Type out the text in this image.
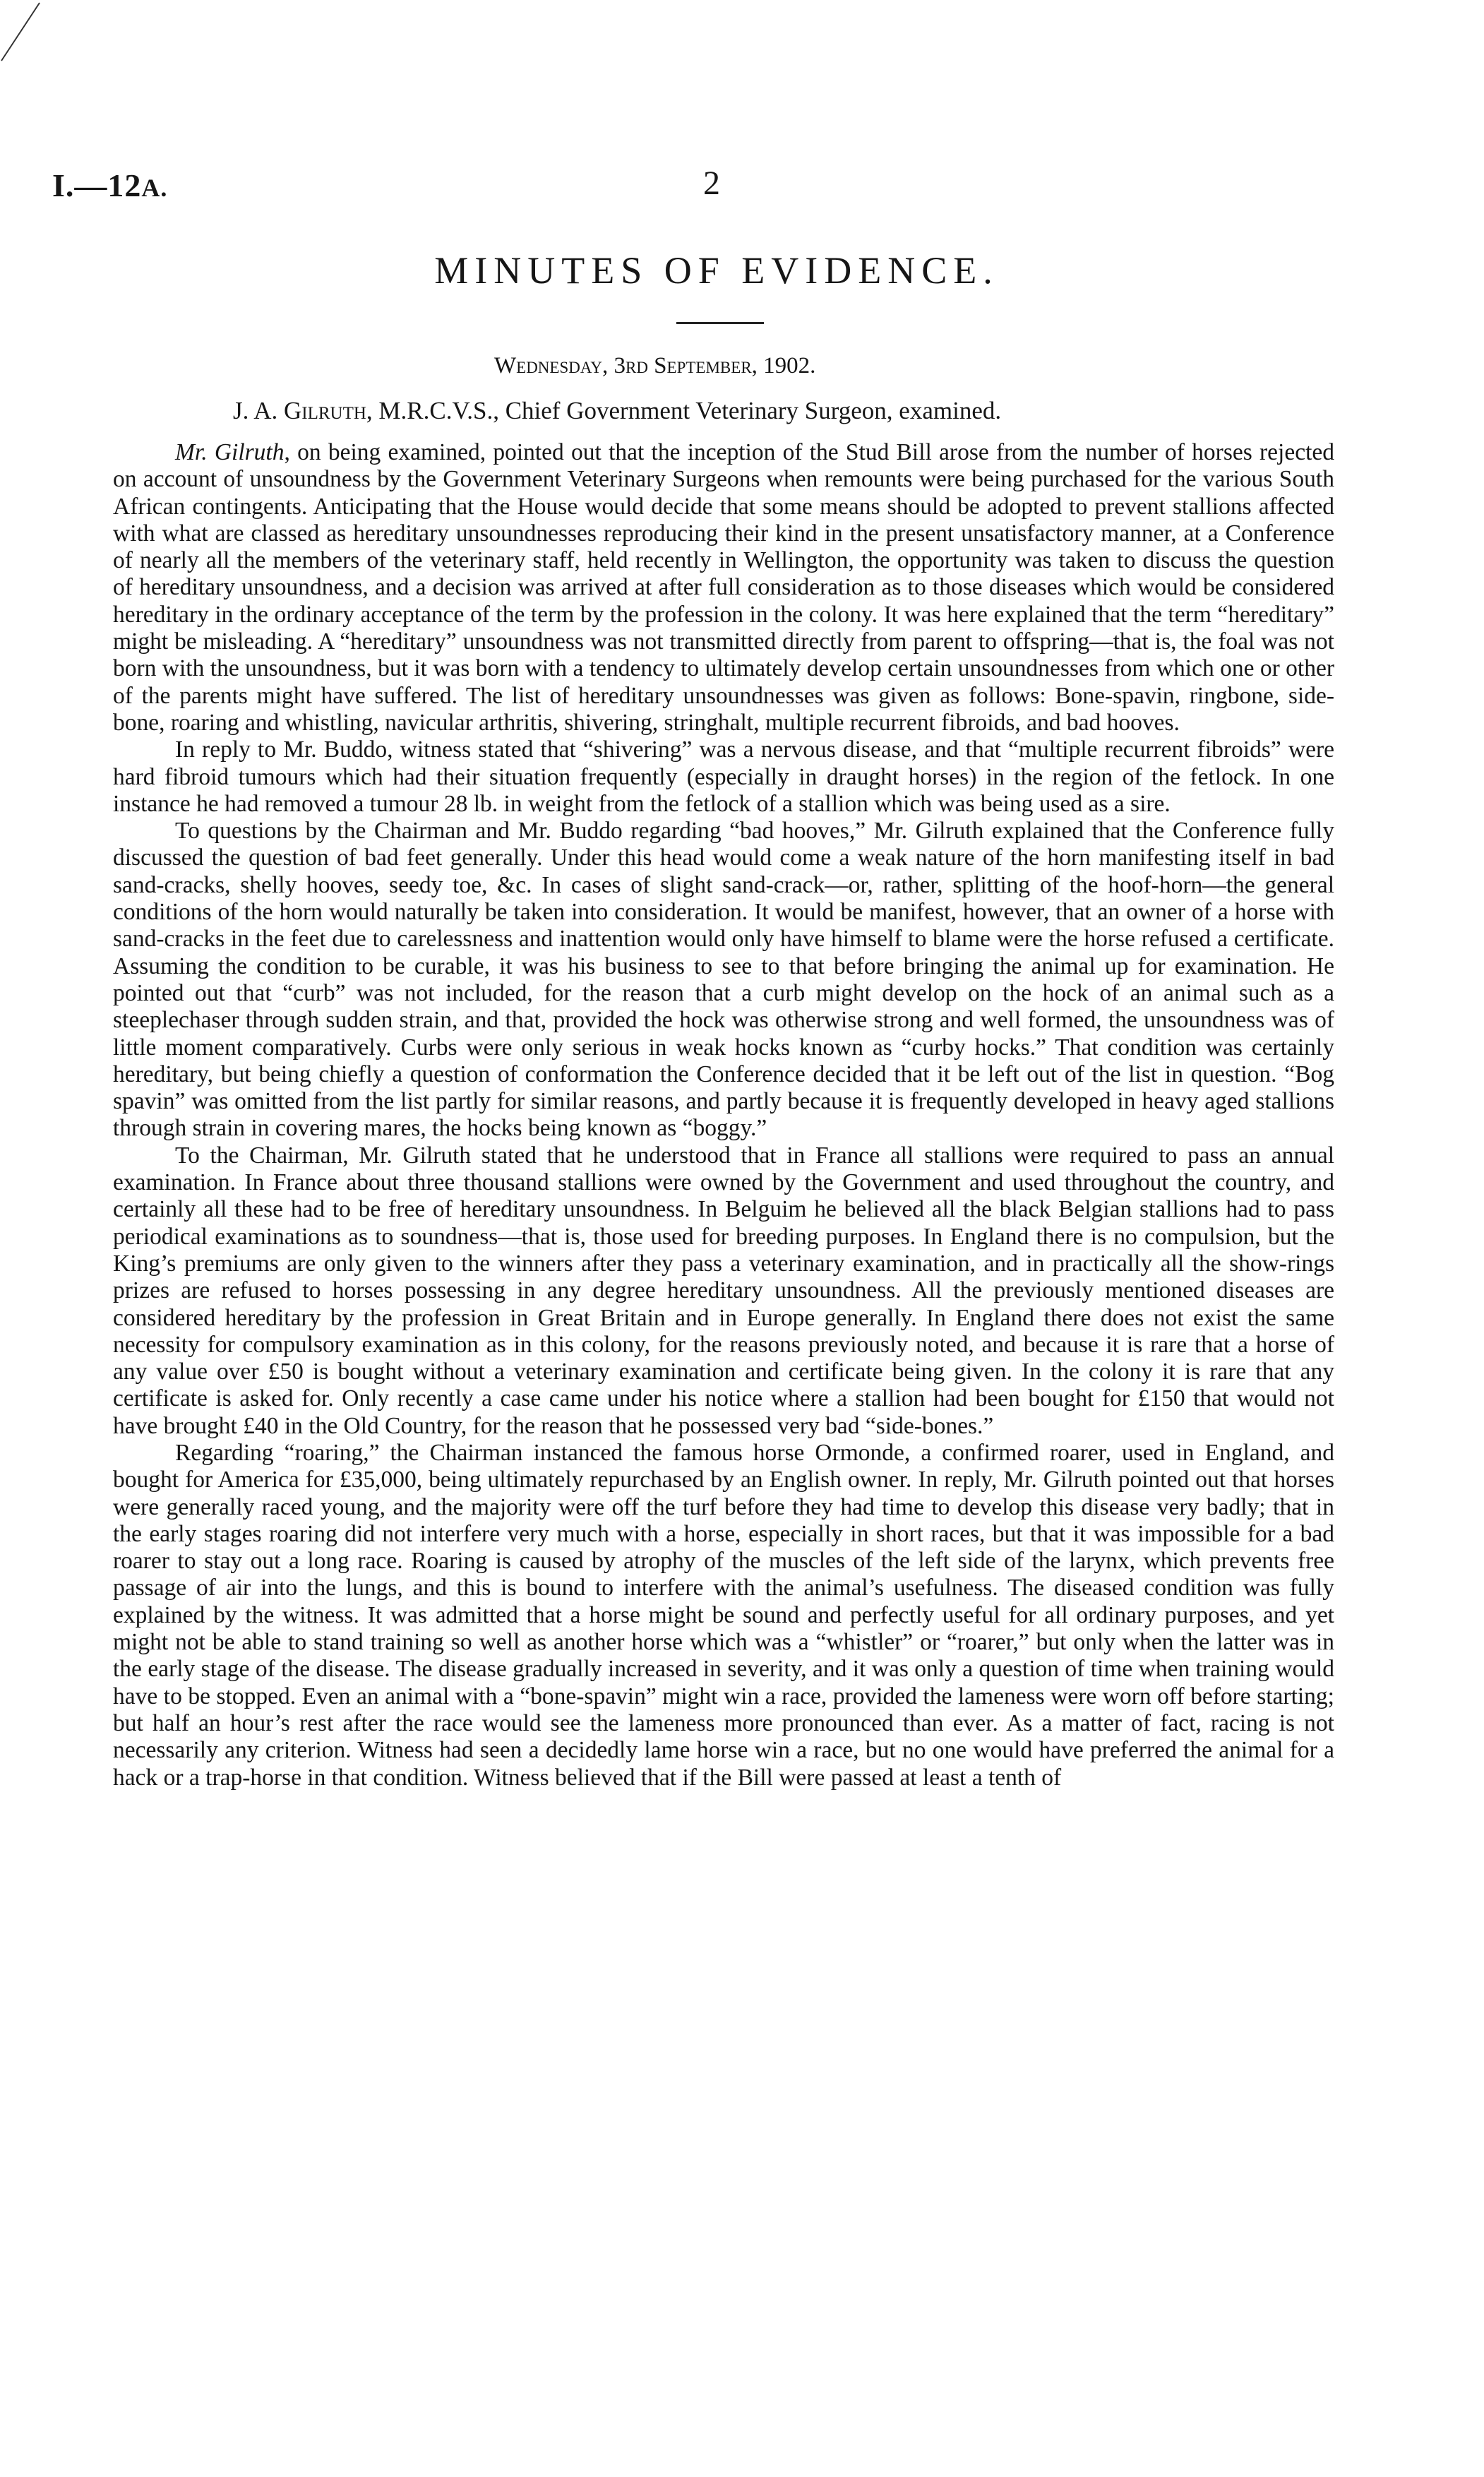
I.—12A.	2
MINUTES OF EVIDENCE.
Wednesday, 3rd September, 1902.
J. A. Gilruth, M.R.C.V.S., Chief Government Veterinary Surgeon, examined.

Mr. Gilruth, on being examined, pointed out that the inception of the Stud Bill arose from the number of horses rejected on account of unsoundness by the Government Veterinary Surgeons when remounts were being purchased for the various South African contingents. Anticipating that the House would decide that some means should be adopted to prevent stallions affected with what are classed as hereditary unsoundnesses reproducing their kind in the present unsatisfactory manner, at a Conference of nearly all the members of the veterinary staff, held recently in Wellington, the opportunity was taken to discuss the question of hereditary unsoundness, and a decision was arrived at after full consideration as to those diseases which would be considered hereditary in the ordinary acceptance of the term by the profession in the colony. It was here explained that the term “hereditary” might be misleading. A “hereditary” unsoundness was not transmitted directly from parent to offspring—that is, the foal was not born with the unsoundness, but it was born with a tendency to ultimately develop certain unsoundnesses from which one or other of the parents might have suffered. The list of hereditary unsoundnesses was given as follows: Bone-spavin, ringbone, side-bone, roaring and whistling, navicular arthritis, shivering, stringhalt, multiple recurrent fibroids, and bad hooves.

In reply to Mr. Buddo, witness stated that “shivering” was a nervous disease, and that “multiple recurrent fibroids” were hard fibroid tumours which had their situation frequently (especially in draught horses) in the region of the fetlock. In one instance he had removed a tumour 28 lb. in weight from the fetlock of a stallion which was being used as a sire.

To questions by the Chairman and Mr. Buddo regarding “bad hooves,” Mr. Gilruth explained that the Conference fully discussed the question of bad feet generally. Under this head would come a weak nature of the horn manifesting itself in bad sand-cracks, shelly hooves, seedy toe, &c. In cases of slight sand-crack—or, rather, splitting of the hoof-horn—the general conditions of the horn would naturally be taken into consideration. It would be manifest, however, that an owner of a horse with sand-cracks in the feet due to carelessness and inattention would only have himself to blame were the horse refused a certificate. Assuming the condition to be curable, it was his business to see to that before bringing the animal up for examination. He pointed out that “curb” was not included, for the reason that a curb might develop on the hock of an animal such as a steeplechaser through sudden strain, and that, provided the hock was otherwise strong and well formed, the unsoundness was of little moment comparatively. Curbs were only serious in weak hocks known as “curby hocks.” That condition was certainly hereditary, but being chiefly a question of conformation the Conference decided that it be left out of the list in question. “Bog spavin” was omitted from the list partly for similar reasons, and partly because it is frequently developed in heavy aged stallions through strain in covering mares, the hocks being known as “boggy.”

To the Chairman, Mr. Gilruth stated that he understood that in France all stallions were required to pass an annual examination. In France about three thousand stallions were owned by the Government and used throughout the country, and certainly all these had to be free of hereditary unsoundness. In Belguim he believed all the black Belgian stallions had to pass periodical examinations as to soundness—that is, those used for breeding purposes. In England there is no compulsion, but the King’s premiums are only given to the winners after they pass a veterinary examination, and in practically all the show-rings prizes are refused to horses possessing in any degree hereditary unsoundness. All the previously mentioned diseases are considered hereditary by the profession in Great Britain and in Europe generally. In England there does not exist the same necessity for compulsory examination as in this colony, for the reasons previously noted, and because it is rare that a horse of any value over £50 is bought without a veterinary examination and certificate being given. In the colony it is rare that any certificate is asked for. Only recently a case came under his notice where a stallion had been bought for £150 that would not have brought £40 in the Old Country, for the reason that he possessed very bad “side-bones.”

Regarding “roaring,” the Chairman instanced the famous horse Ormonde, a confirmed roarer, used in England, and bought for America for £35,000, being ultimately repurchased by an English owner. In reply, Mr. Gilruth pointed out that horses were generally raced young, and the majority were off the turf before they had time to develop this disease very badly; that in the early stages roaring did not interfere very much with a horse, especially in short races, but that it was impossible for a bad roarer to stay out a long race. Roaring is caused by atrophy of the muscles of the left side of the larynx, which prevents free passage of air into the lungs, and this is bound to interfere with the animal’s usefulness. The diseased condition was fully explained by the witness. It was admitted that a horse might be sound and perfectly useful for all ordinary purposes, and yet might not be able to stand training so well as another horse which was a “whistler” or “roarer,” but only when the latter was in the early stage of the disease. The disease gradually increased in severity, and it was only a question of time when training would have to be stopped. Even an animal with a “bone-spavin” might win a race, provided the lameness were worn off before starting; but half an hour’s rest after the race would see the lameness more pronounced than ever. As a matter of fact, racing is not necessarily any criterion. Witness had seen a decidedly lame horse win a race, but no one would have preferred the animal for a hack or a trap-horse in that condition. Witness believed that if the Bill were passed at least a tenth of
